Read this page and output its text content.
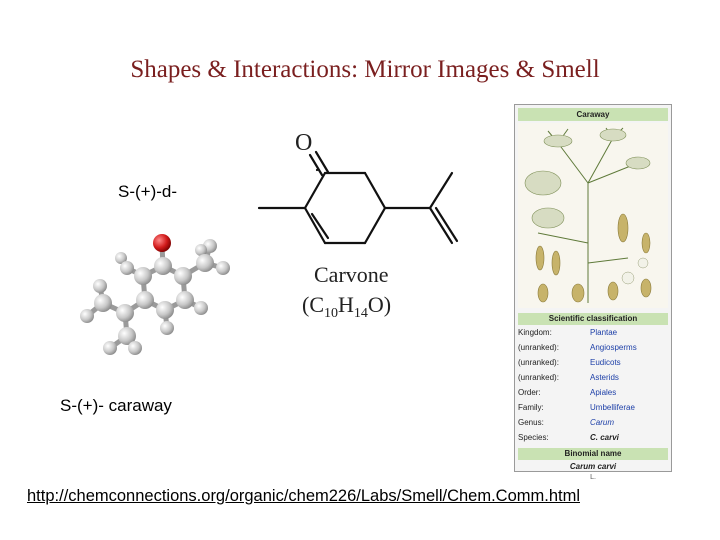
Shapes & Interactions: Mirror Images & Smell
S-(+)-d-
O
Carvone
$(C_{10}H_{14}O)$
S-(+)- caraway
Caraway
Scientific classification
Kingdom:	Plantae
(unranked):	Angiosperms
(unranked):	Eudicots
(unranked):	Asterids
Order:	Apiales
Family:	Umbelliferae
Genus:	Carum
Species:	C. carvi
Binomial name
Carum carvi
L.
http://chemconnections.org/organic/chem226/Labs/Smell/Chem.Comm.html
